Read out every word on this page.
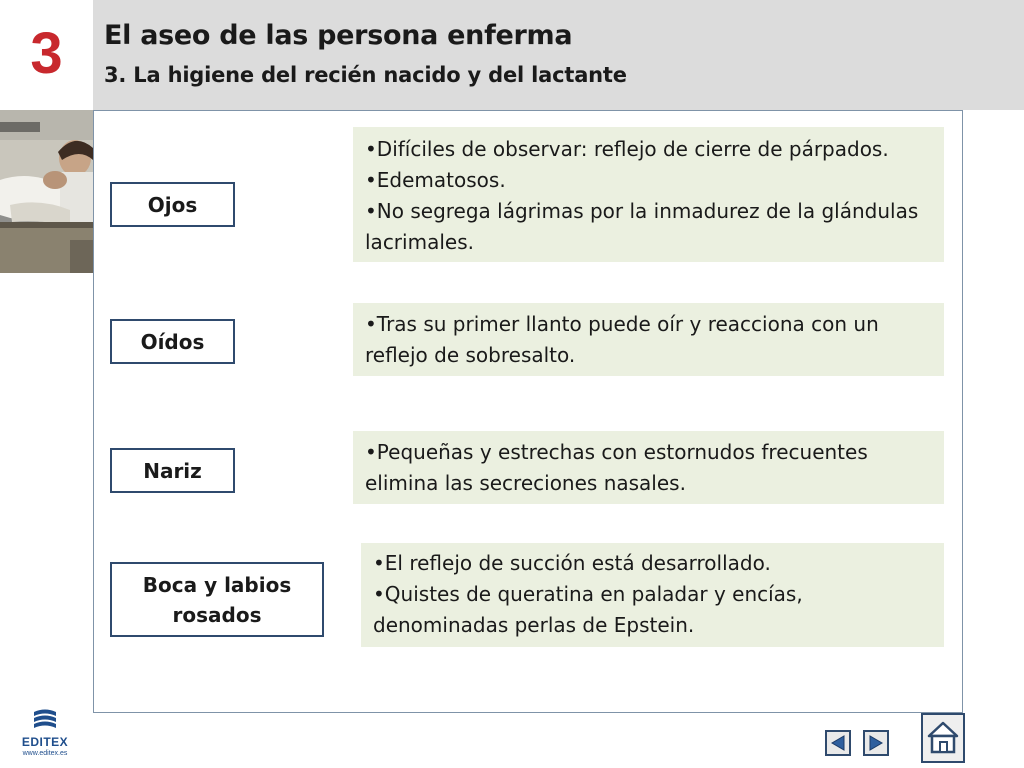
3 El aseo de las persona enferma
3. La higiene del recién nacido y del lactante
Ojos
•Difíciles de observar: reflejo de cierre de párpados.
•Edematosos.
•No segrega lágrimas por la inmadurez de la glándulas lacrimales.
Oídos
•Tras su primer llanto puede oír y reacciona con un reflejo de sobresalto.
Nariz
•Pequeñas y estrechas con estornudos frecuentes elimina las secreciones nasales.
Boca y labios rosados
•El reflejo de succión está desarrollado.
•Quistes de queratina en paladar y encías, denominadas perlas de Epstein.
EDITEX
www.editex.es
